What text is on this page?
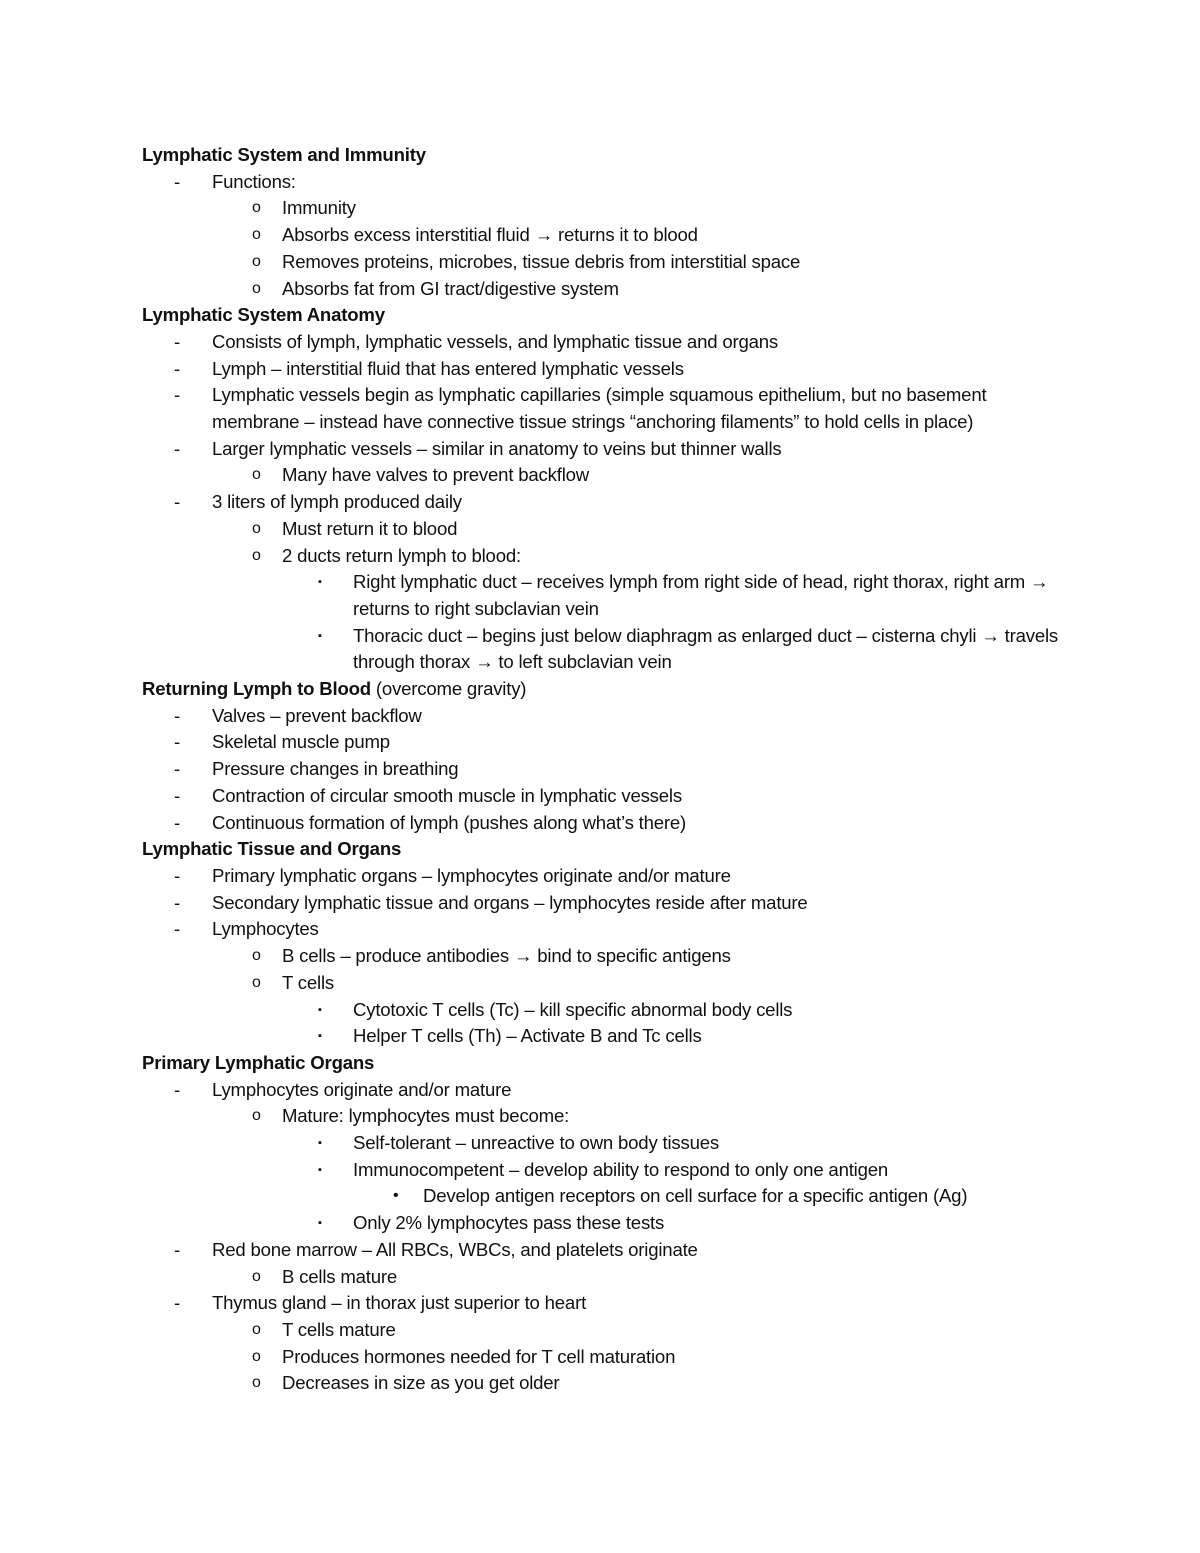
Lymphatic System and Immunity
- Functions:
o Immunity
o Absorbs excess interstitial fluid → returns it to blood
o Removes proteins, microbes, tissue debris from interstitial space
o Absorbs fat from GI tract/digestive system
Lymphatic System Anatomy
- Consists of lymph, lymphatic vessels, and lymphatic tissue and organs
- Lymph – interstitial fluid that has entered lymphatic vessels
- Lymphatic vessels begin as lymphatic capillaries (simple squamous epithelium, but no basement membrane – instead have connective tissue strings “anchoring filaments” to hold cells in place)
- Larger lymphatic vessels – similar in anatomy to veins but thinner walls
o Many have valves to prevent backflow
- 3 liters of lymph produced daily
o Must return it to blood
o 2 ducts return lymph to blood:
▪ Right lymphatic duct – receives lymph from right side of head, right thorax, right arm → returns to right subclavian vein
▪ Thoracic duct – begins just below diaphragm as enlarged duct – cisterna chyli → travels through thorax → to left subclavian vein
Returning Lymph to Blood (overcome gravity)
- Valves – prevent backflow
- Skeletal muscle pump
- Pressure changes in breathing
- Contraction of circular smooth muscle in lymphatic vessels
- Continuous formation of lymph (pushes along what’s there)
Lymphatic Tissue and Organs
- Primary lymphatic organs – lymphocytes originate and/or mature
- Secondary lymphatic tissue and organs – lymphocytes reside after mature
- Lymphocytes
o B cells – produce antibodies → bind to specific antigens
o T cells
▪ Cytotoxic T cells (Tc) – kill specific abnormal body cells
▪ Helper T cells (Th) – Activate B and Tc cells
Primary Lymphatic Organs
- Lymphocytes originate and/or mature
o Mature: lymphocytes must become:
▪ Self-tolerant – unreactive to own body tissues
▪ Immunocompetent – develop ability to respond to only one antigen
• Develop antigen receptors on cell surface for a specific antigen (Ag)
▪ Only 2% lymphocytes pass these tests
- Red bone marrow – All RBCs, WBCs, and platelets originate
o B cells mature
- Thymus gland – in thorax just superior to heart
o T cells mature
o Produces hormones needed for T cell maturation
o Decreases in size as you get older
